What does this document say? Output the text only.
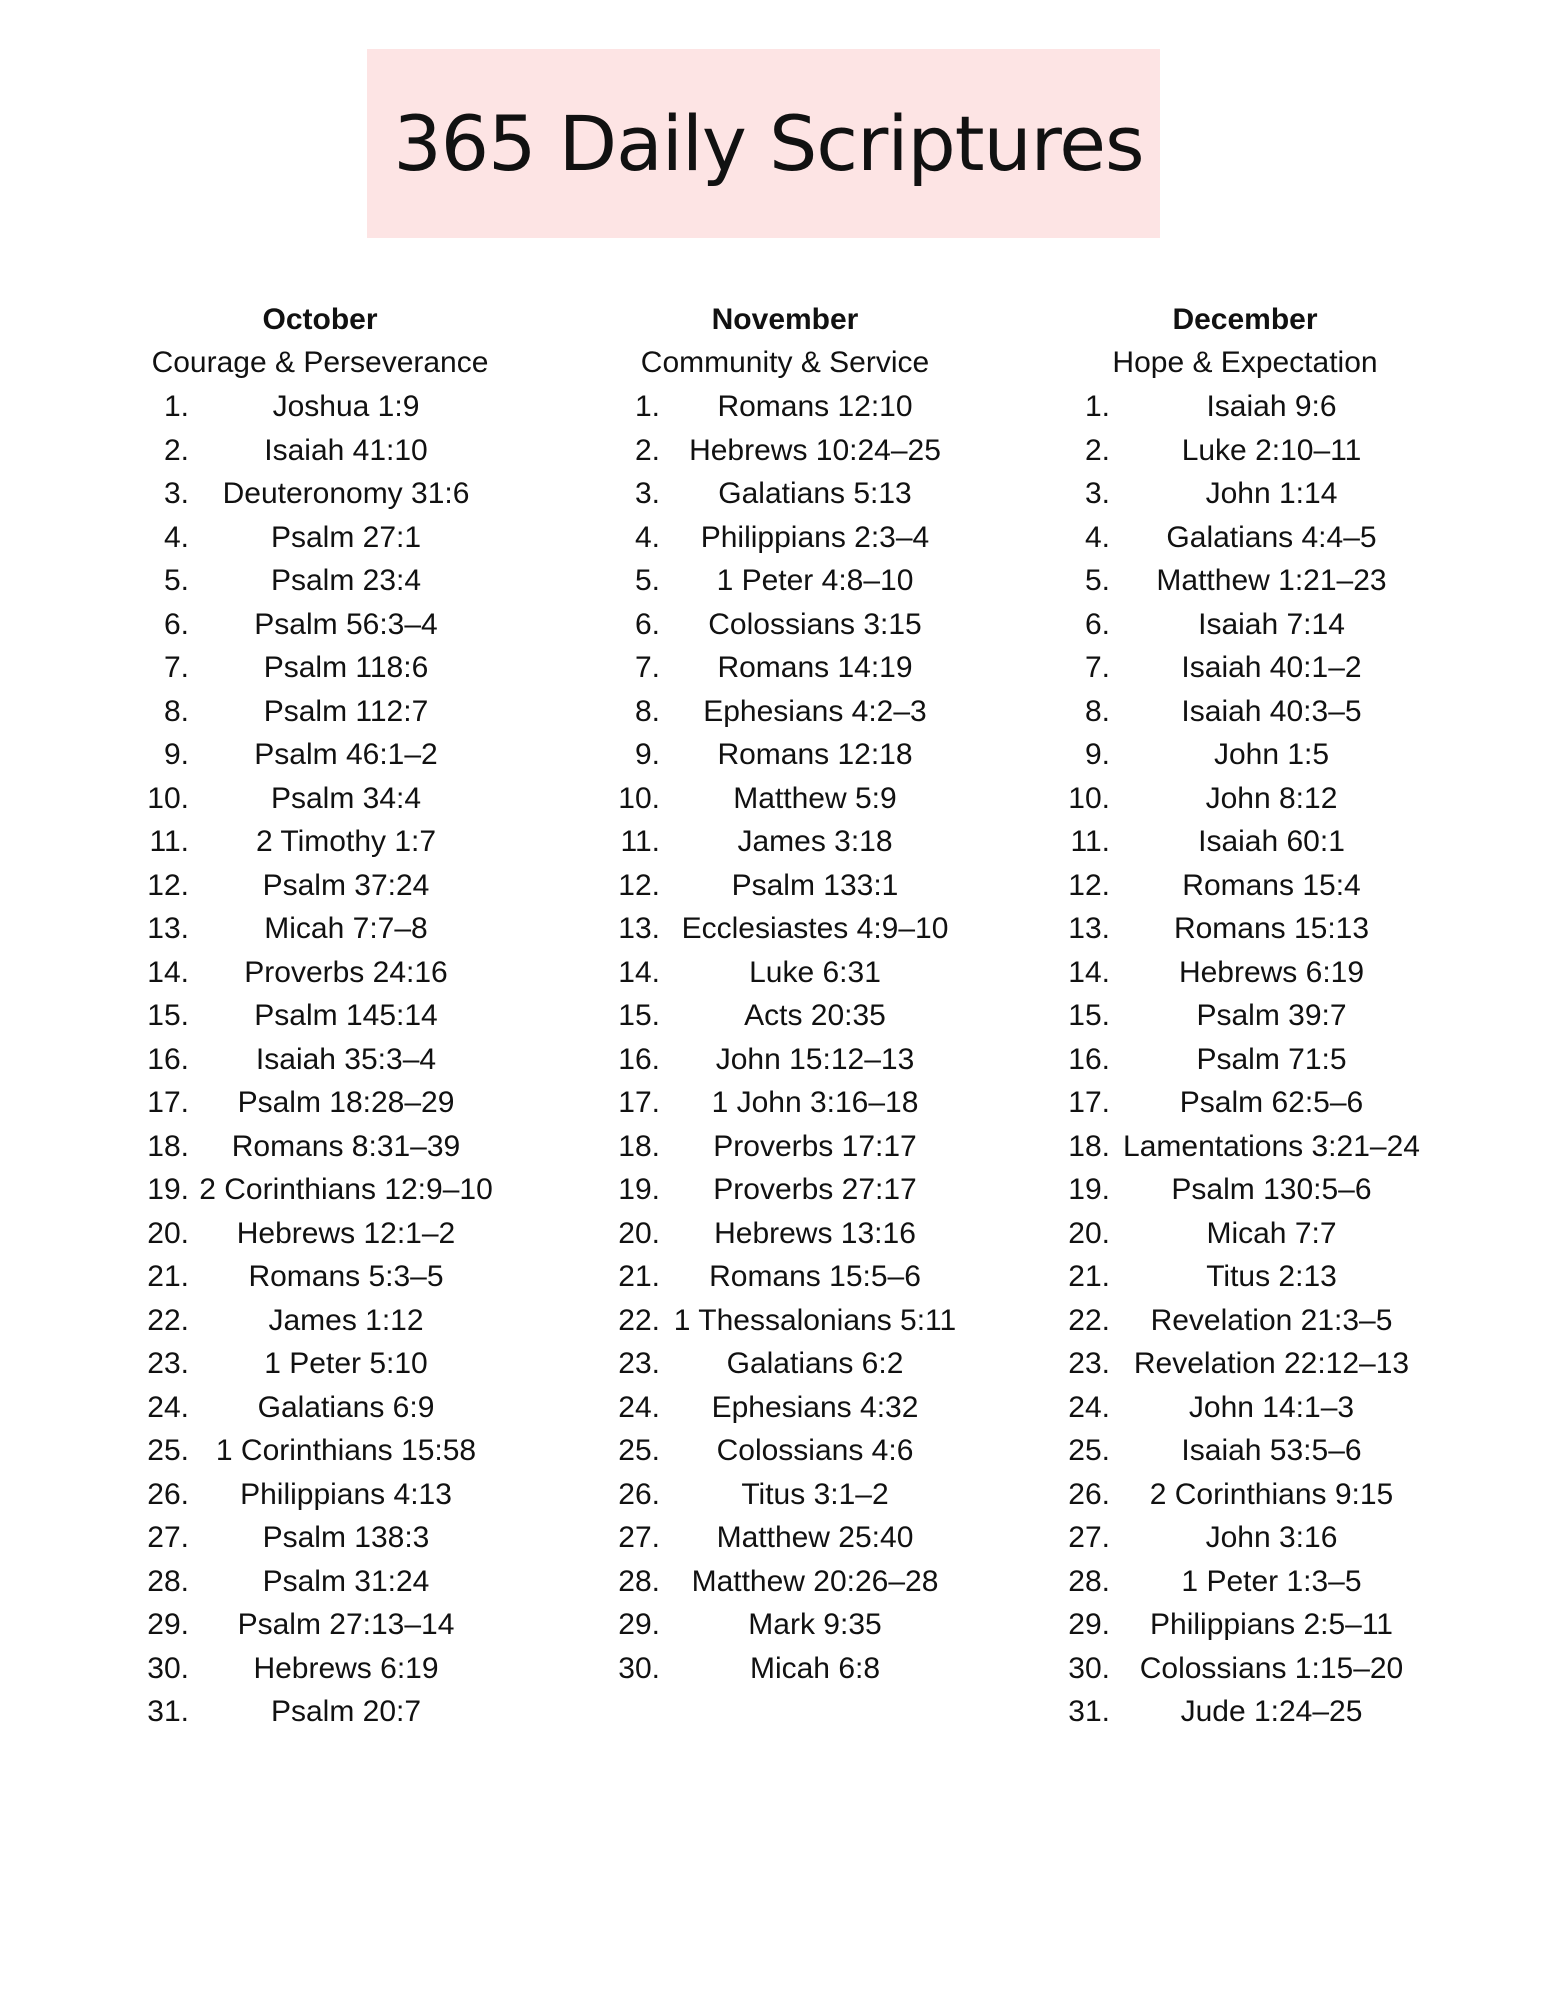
365 Daily Scriptures
October
Courage & Perseverance
1.	Joshua 1:9
2.	Isaiah 41:10
3.	Deuteronomy 31:6
4.	Psalm 27:1
5.	Psalm 23:4
6.	Psalm 56:3–4
7.	Psalm 118:6
8.	Psalm 112:7
9.	Psalm 46:1–2
10.	Psalm 34:4
11.	2 Timothy 1:7
12.	Psalm 37:24
13.	Micah 7:7–8
14.	Proverbs 24:16
15.	Psalm 145:14
16.	Isaiah 35:3–4
17.	Psalm 18:28–29
18.	Romans 8:31–39
19. 2 Corinthians 12:9–10
20.	Hebrews 12:1–2
21.	Romans 5:3–5
22.	James 1:12
23.	1 Peter 5:10
24.	Galatians 6:9
25. 1 Corinthians 15:58
26.	Philippians 4:13
27.	Psalm 138:3
28.	Psalm 31:24
29.	Psalm 27:13–14
30.	Hebrews 6:19
31.	Psalm 20:7
November
Community & Service
1.	Romans 12:10
2. Hebrews 10:24–25
3.	Galatians 5:13
4.	Philippians 2:3–4
5.	1 Peter 4:8–10
6.	Colossians 3:15
7.	Romans 14:19
8.	Ephesians 4:2–3
9.	Romans 12:18
10.	Matthew 5:9
11.	James 3:18
12.	Psalm 133:1
13. Ecclesiastes 4:9–10
14.	Luke 6:31
15.	Acts 20:35
16.	John 15:12–13
17.	1 John 3:16–18
18.	Proverbs 17:17
19.	Proverbs 27:17
20.	Hebrews 13:16
21.	Romans 15:5–6
22. 1 Thessalonians 5:11
23.	Galatians 6:2
24.	Ephesians 4:32
25.	Colossians 4:6
26.	Titus 3:1–2
27.	Matthew 25:40
28.	Matthew 20:26–28
29.	Mark 9:35
30.	Micah 6:8
December
Hope & Expectation
1.	Isaiah 9:6
2.	Luke 2:10–11
3.	John 1:14
4.	Galatians 4:4–5
5.	Matthew 1:21–23
6.	Isaiah 7:14
7.	Isaiah 40:1–2
8.	Isaiah 40:3–5
9.	John 1:5
10.	John 8:12
11.	Isaiah 60:1
12.	Romans 15:4
13.	Romans 15:13
14.	Hebrews 6:19
15.	Psalm 39:7
16.	Psalm 71:5
17.	Psalm 62:5–6
18. Lamentations 3:21–24
19.	Psalm 130:5–6
20.	Micah 7:7
21.	Titus 2:13
22.	Revelation 21:3–5
23. Revelation 22:12–13
24.	John 14:1–3
25.	Isaiah 53:5–6
26.	2 Corinthians 9:15
27.	John 3:16
28.	1 Peter 1:3–5
29.	Philippians 2:5–11
30. Colossians 1:15–20
31.	Jude 1:24–25
